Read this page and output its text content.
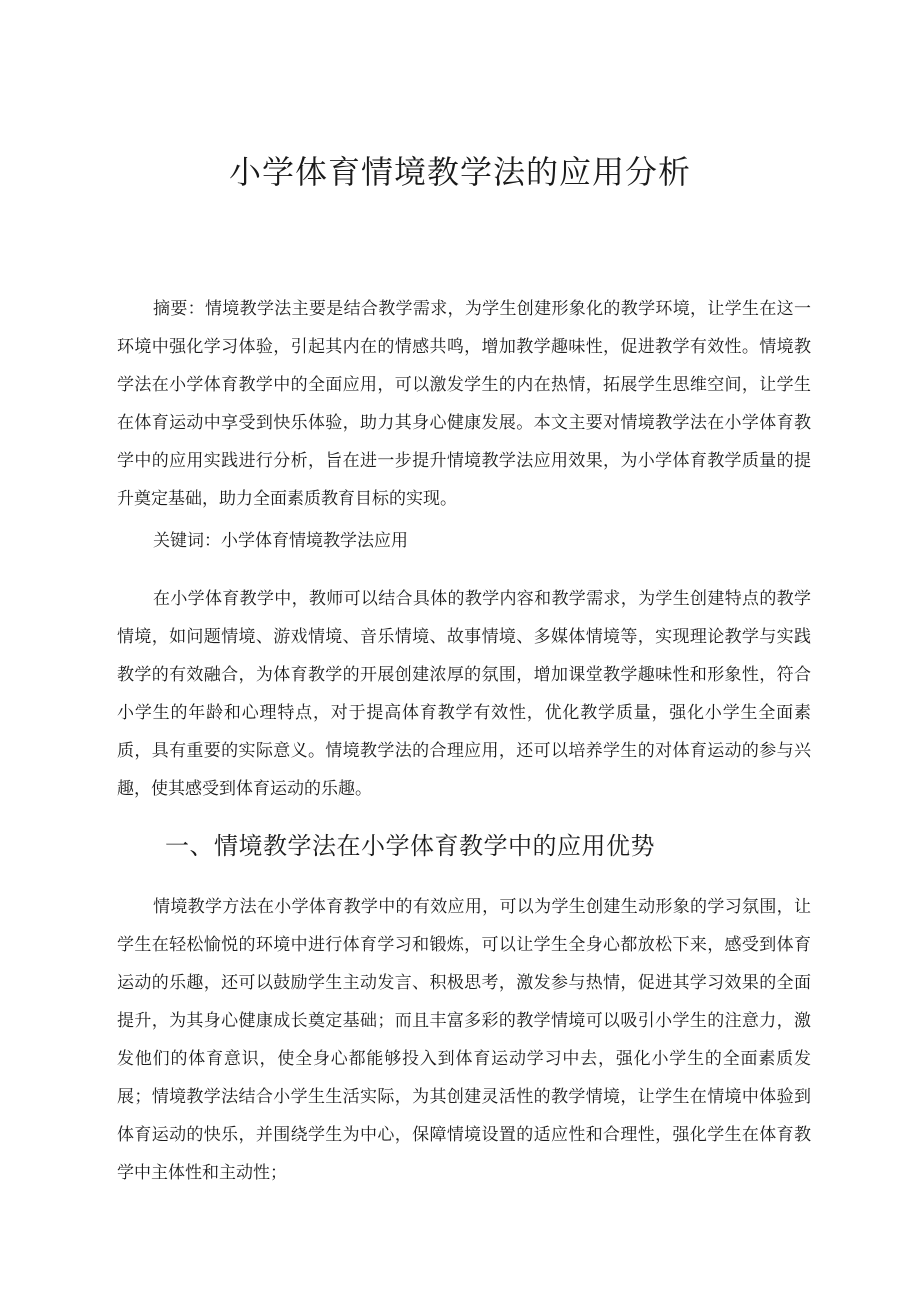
小学体育情境教学法的应用分析

摘要：情境教学法主要是结合教学需求，为学生创建形象化的教学环境，让学生在这一环境中强化学习体验，引起其内在的情感共鸣，增加教学趣味性，促进教学有效性。情境教学法在小学体育教学中的全面应用，可以激发学生的内在热情，拓展学生思维空间，让学生在体育运动中享受到快乐体验，助力其身心健康发展。本文主要对情境教学法在小学体育教学中的应用实践进行分析，旨在进一步提升情境教学法应用效果，为小学体育教学质量的提升奠定基础，助力全面素质教育目标的实现。

关键词：小学体育情境教学法应用

在小学体育教学中，教师可以结合具体的教学内容和教学需求，为学生创建特点的教学情境，如问题情境、游戏情境、音乐情境、故事情境、多媒体情境等，实现理论教学与实践教学的有效融合，为体育教学的开展创建浓厚的氛围，增加课堂教学趣味性和形象性，符合小学生的年龄和心理特点，对于提高体育教学有效性，优化教学质量，强化小学生全面素质，具有重要的实际意义。情境教学法的合理应用，还可以培养学生的对体育运动的参与兴趣，使其感受到体育运动的乐趣。

一、情境教学法在小学体育教学中的应用优势

情境教学方法在小学体育教学中的有效应用，可以为学生创建生动形象的学习氛围，让学生在轻松愉悦的环境中进行体育学习和锻炼，可以让学生全身心都放松下来，感受到体育运动的乐趣，还可以鼓励学生主动发言、积极思考，激发参与热情，促进其学习效果的全面提升，为其身心健康成长奠定基础；而且丰富多彩的教学情境可以吸引小学生的注意力，激发他们的体育意识，使全身心都能够投入到体育运动学习中去，强化小学生的全面素质发展；情境教学法结合小学生生活实际，为其创建灵活性的教学情境，让学生在情境中体验到体育运动的快乐，并围绕学生为中心，保障情境设置的适应性和合理性，强化学生在体育教学中主体性和主动性；
